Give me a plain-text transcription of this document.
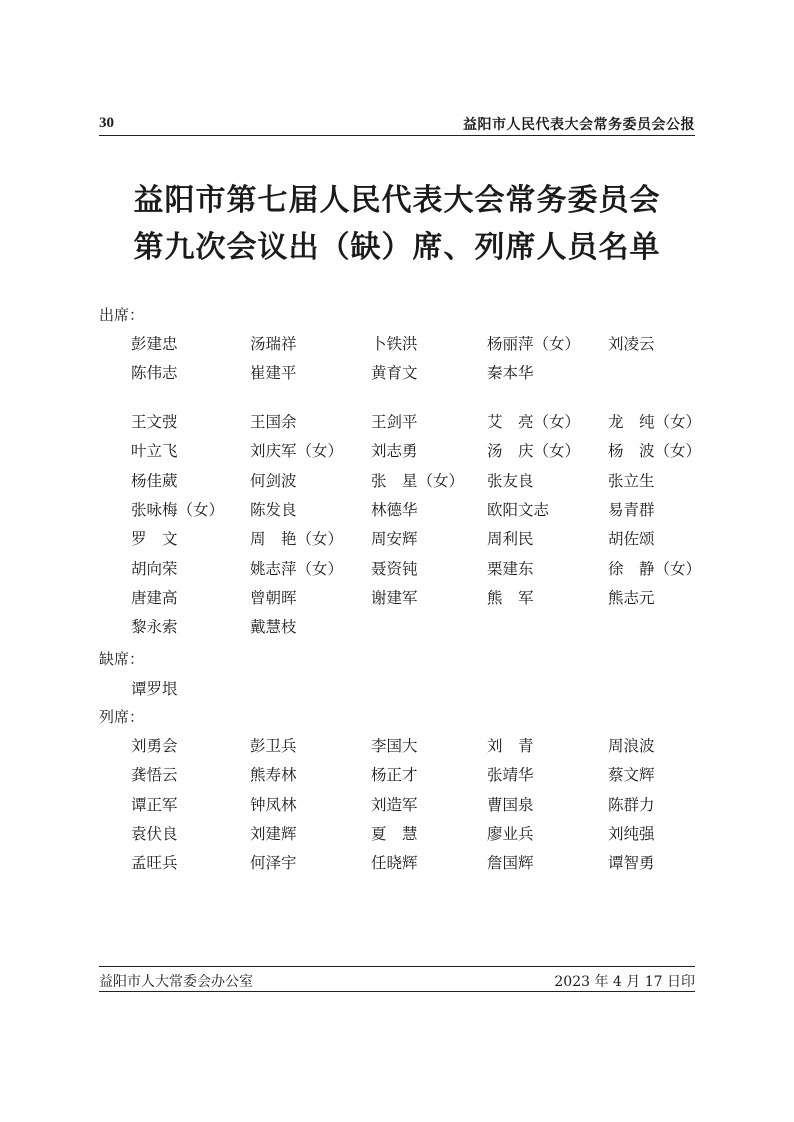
30	益阳市人民代表大会常务委员会公报
益阳市第七届人民代表大会常务委员会
第九次会议出（缺）席、列席人员名单
出席：
彭建忠	汤瑞祥	卜铁洪	杨丽萍（女） 刘凌云
陈伟志	崔建平	黄育文	秦本华
王文弢	王国余	王剑平	艾　亮（女） 龙　纯（女）
叶立飞	刘庆军（女） 刘志勇	汤　庆（女） 杨　波（女）
杨佳葳	何剑波	张　星（女） 张友良	张立生
张咏梅（女） 陈发良	林德华	欧阳文志	易青群
罗　文	周　艳（女） 周安辉	周利民	胡佐颂
胡向荣	姚志萍（女） 聂资钝	栗建东	徐　静（女）
唐建高	曾朝晖	谢建军	熊　军	熊志元
黎永索	戴慧枝
缺席：
谭罗垠
列席：
刘勇会	彭卫兵	李国大	刘　青	周浪波
龚悟云	熊寿林	杨正才	张靖华	蔡文辉
谭正军	钟凤林	刘造军	曹国泉	陈群力
袁伏良	刘建辉	夏　慧	廖业兵	刘纯强
孟旺兵	何泽宇	任晓辉	詹国辉	谭智勇
益阳市人大常委会办公室	2023 年 4 月 17 日印
